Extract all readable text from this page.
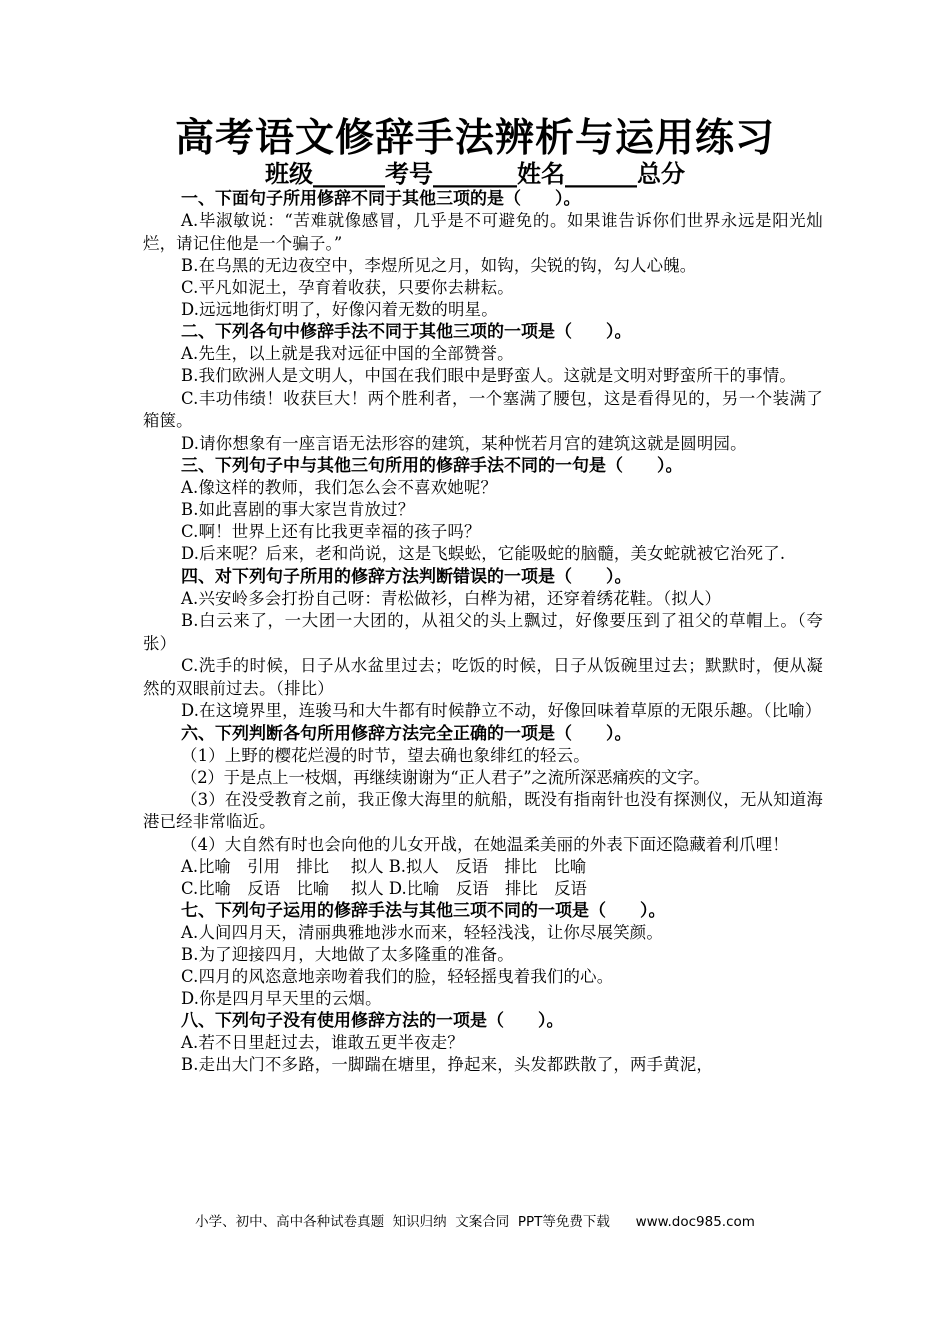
高考语文修辞手法辨析与运用练习
班级______考号_______姓名______总分
一、下面句子所用修辞不同于其他三项的是（　　）。
A.毕淑敏说：“苦难就像感冒，几乎是不可避免的。如果谁告诉你们世界永远是阳光灿烂，请记住他是一个骗子。”
B.在乌黑的无边夜空中，李煜所见之月，如钩，尖锐的钩，勾人心魄。
C.平凡如泥土，孕育着收获，只要你去耕耘。
D.远远地街灯明了，好像闪着无数的明星。
二、下列各句中修辞手法不同于其他三项的一项是（　　）。
A.先生，以上就是我对远征中国的全部赞誉。
B.我们欧洲人是文明人，中国在我们眼中是野蛮人。这就是文明对野蛮所干的事情。
C.丰功伟绩！收获巨大！两个胜利者，一个塞满了腰包，这是看得见的，另一个装满了箱箧。
D.请你想象有一座言语无法形容的建筑，某种恍若月宫的建筑这就是圆明园。
三、下列句子中与其他三句所用的修辞手法不同的一句是（　　）。
A.像这样的教师，我们怎么会不喜欢她呢？
B.如此喜剧的事大家岂肯放过？
C.啊！世界上还有比我更幸福的孩子吗？
D.后来呢？后来，老和尚说，这是飞蜈蚣，它能吸蛇的脑髓，美女蛇就被它治死了.
四、对下列句子所用的修辞方法判断错误的一项是（　　）。
A.兴安岭多会打扮自己呀：青松做衫，白桦为裙，还穿着绣花鞋。（拟人）
B.白云来了，一大团一大团的，从祖父的头上飘过，好像要压到了祖父的草帽上。（夸张）
C.洗手的时候，日子从水盆里过去；吃饭的时候，日子从饭碗里过去；默默时，便从凝然的双眼前过去。（排比）
D.在这境界里，连骏马和大牛都有时候静立不动，好像回味着草原的无限乐趣。（比喻）
六、下列判断各句所用修辞方法完全正确的一项是（　　）。
（1）上野的樱花烂漫的时节，望去确也象绯红的轻云。
（2）于是点上一枝烟，再继续谢谢为“正人君子”之流所深恶痛疾的文字。
（3）在没受教育之前，我正像大海里的航船，既没有指南针也没有探测仪，无从知道海港已经非常临近。
（4）大自然有时也会向他的儿女开战，在她温柔美丽的外表下面还隐藏着利爪哩！
A.比喻　引用　排比　 拟人 B.拟人　反语　排比　比喻
C.比喻　反语　比喻　 拟人 D.比喻　反语　排比　反语
七、下列句子运用的修辞手法与其他三项不同的一项是（　　）。
A.人间四月天，清丽典雅地涉水而来，轻轻浅浅，让你尽展笑颜。
B.为了迎接四月，大地做了太多隆重的准备。
C.四月的风恣意地亲吻着我们的脸，轻轻摇曳着我们的心。
D.你是四月早天里的云烟。
八、下列句子没有使用修辞方法的一项是（　　）。
A.若不日里赶过去，谁敢五更半夜走？
B.走出大门不多路，一脚踹在塘里，挣起来，头发都跌散了，两手黄泥，
小学、初中、高中各种试卷真题  知识归纳  文案合同  PPT等免费下载      www.doc985.com
